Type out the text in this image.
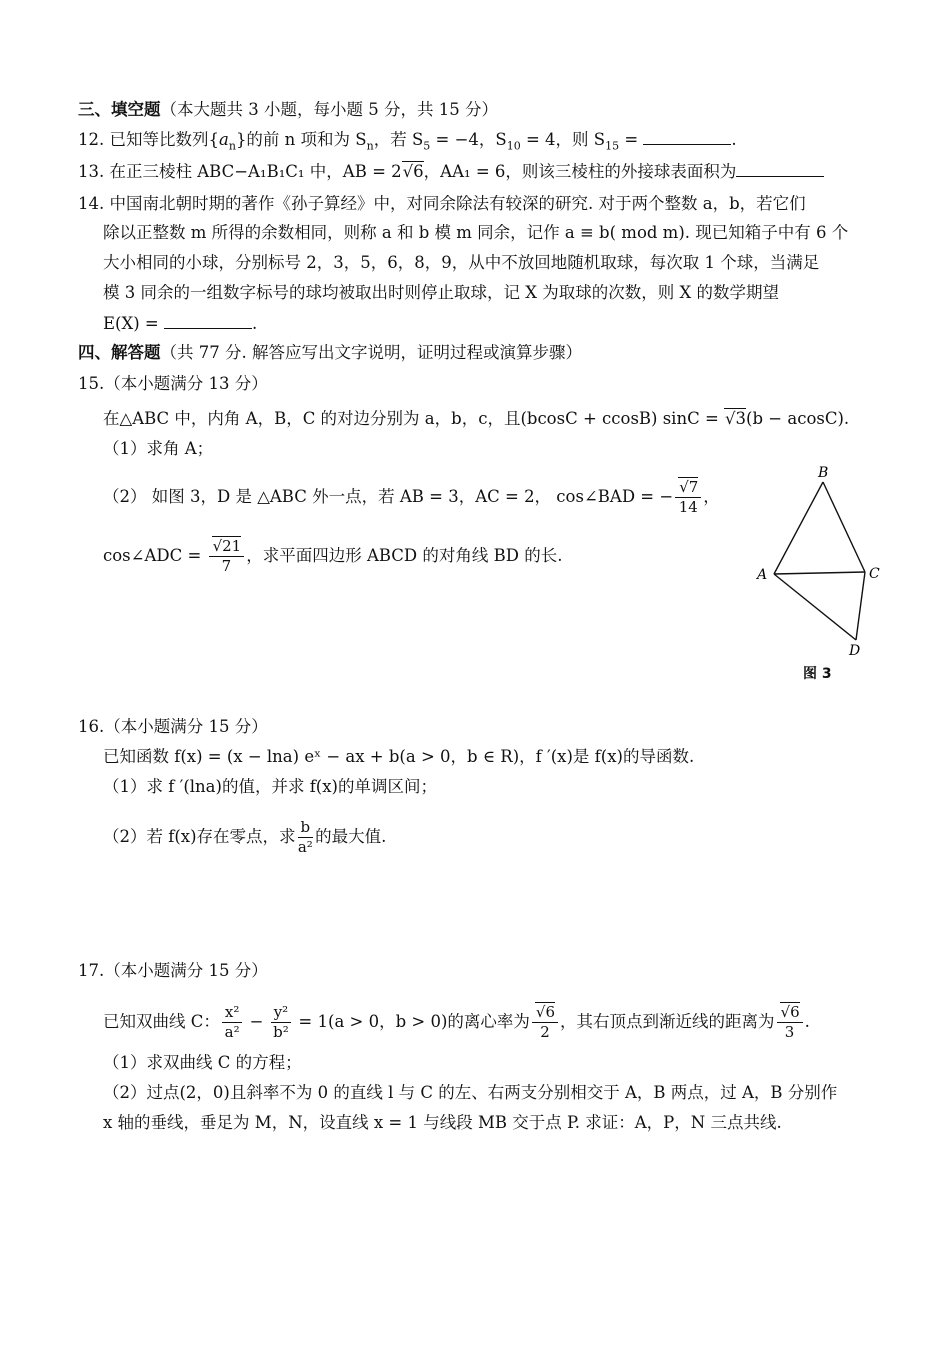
三、填空题（本大题共 3 小题，每小题 5 分，共 15 分）
12. 已知等比数列$\{a_n\}$的前 n 项和为 $S_n$，若 $S_5 = -4$，$S_{10} = 4$，则 $S_{15}$ =	.
13. 在正三棱柱 ABC−A₁B₁C₁ 中，AB = 2√6，AA₁ = 6，则该三棱柱的外接球表面积为
14. 中国南北朝时期的著作《孙子算经》中，对同余除法有较深的研究. 对于两个整数 a，b，若它们
除以正整数 m 所得的余数相同，则称 a 和 b 模 m 同余，记作 a ≡ b( mod m). 现已知箱子中有 6 个
大小相同的小球，分别标号 2，3，5，6，8，9，从中不放回地随机取球，每次取 1 个球，当满足
模 3 同余的一组数字标号的球均被取出时则停止取球，记 X 为取球的次数，则 X 的数学期望
E(X) =	.
四、解答题（共 77 分. 解答应写出文字说明，证明过程或演算步骤）
15.（本小题满分 13 分）
在△ABC 中，内角 A，B，C 的对边分别为 a，b，c，且(bcosC + ccosB) sinC = √3(b − acosC).
（1）求角 A；
（2） 如图 3，D 是 △ABC 外一点，若 AB = 3，AC = 2， cos∠BAD = − $\frac{√7}{14}$ ，
cos∠ADC = $\frac{√21}{7}$ ，求平面四边形 ABCD 的对角线 BD 的长.
B
A	C
D
图 3
16.（本小题满分 15 分）
已知函数 f(x) = (x − lna) eˣ − ax + b(a > 0，b ∈ R)，f ′(x)是 f(x)的导函数.
（1）求 f ′(lna)的值，并求 f(x)的单调区间；
（2）若 f(x)存在零点，求 $\frac{b}{\text{a²}}$ 的最大值.
17.（本小题满分 15 分）
已知双曲线 C： $\frac{\text{x²}}{\text{a²}} - \frac{\text{y²}}{\text{b²}} = 1(a > 0$，b > 0)的离心率为 $\frac{√6}{2}$ ，其右顶点到渐近线的距离为 $\frac{√6}{3}$ .
（1）求双曲线 C 的方程；
（2）过点(2，0)且斜率不为 0 的直线 l 与 C 的左、右两支分别相交于 A，B 两点，过 A，B 分别作
x 轴的垂线，垂足为 M，N，设直线 x = 1 与线段 MB 交于点 P. 求证：A，P，N 三点共线.
